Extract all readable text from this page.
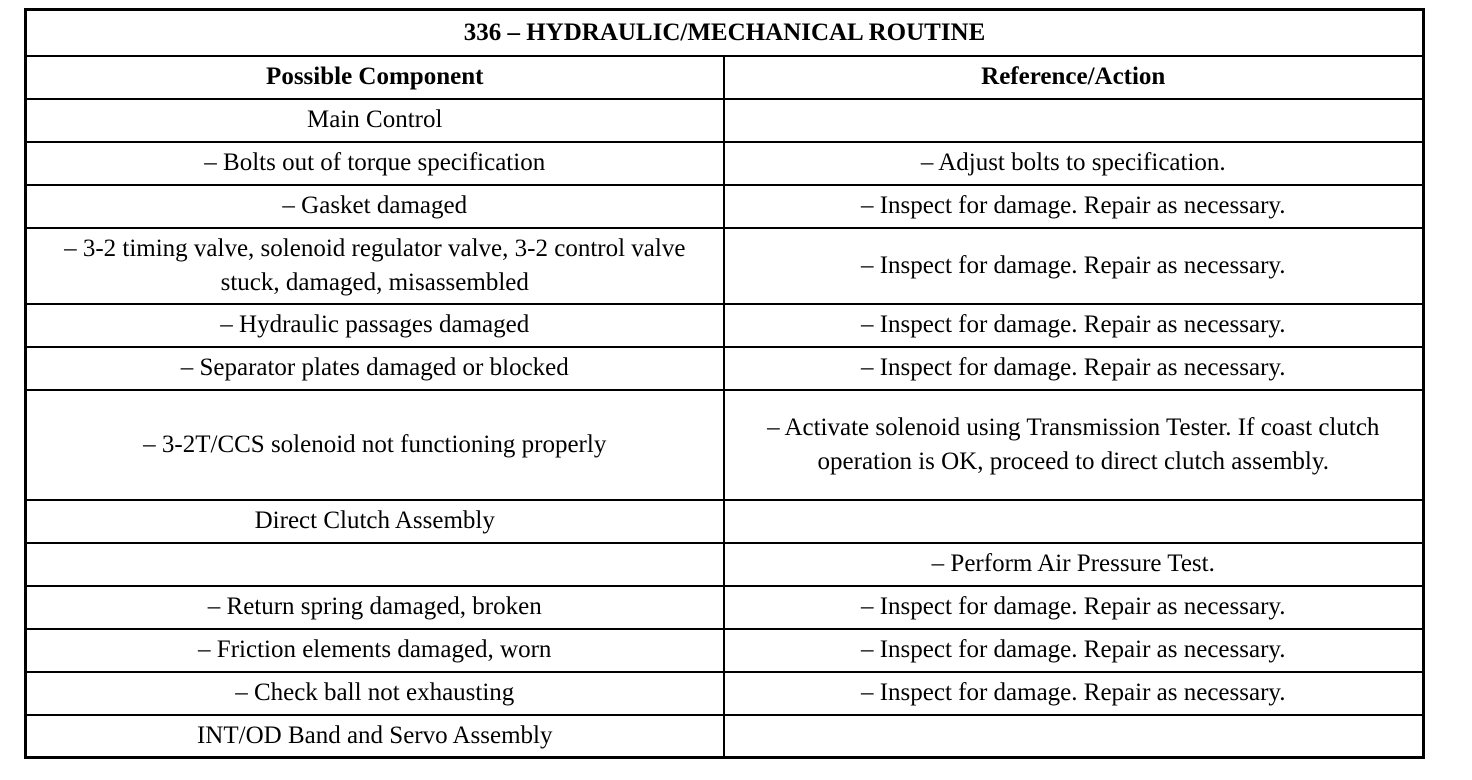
336 – HYDRAULIC/MECHANICAL ROUTINE	
Possible Component	Reference/Action
Main Control	
– Bolts out of torque specification	– Adjust bolts to specification.
– Gasket damaged	– Inspect for damage. Repair as necessary.
– 3-2 timing valve, solenoid regulator valve, 3-2 control valve stuck, damaged, misassembled	– Inspect for damage. Repair as necessary.
– Hydraulic passages damaged	– Inspect for damage. Repair as necessary.
– Separator plates damaged or blocked	– Inspect for damage. Repair as necessary.
– 3-2T/CCS solenoid not functioning properly	– Activate solenoid using Transmission Tester. If coast clutch operation is OK, proceed to direct clutch assembly.
Direct Clutch Assembly	
	– Perform Air Pressure Test.
– Return spring damaged, broken	– Inspect for damage. Repair as necessary.
– Friction elements damaged, worn	– Inspect for damage. Repair as necessary.
– Check ball not exhausting	– Inspect for damage. Repair as necessary.
INT/OD Band and Servo Assembly	
